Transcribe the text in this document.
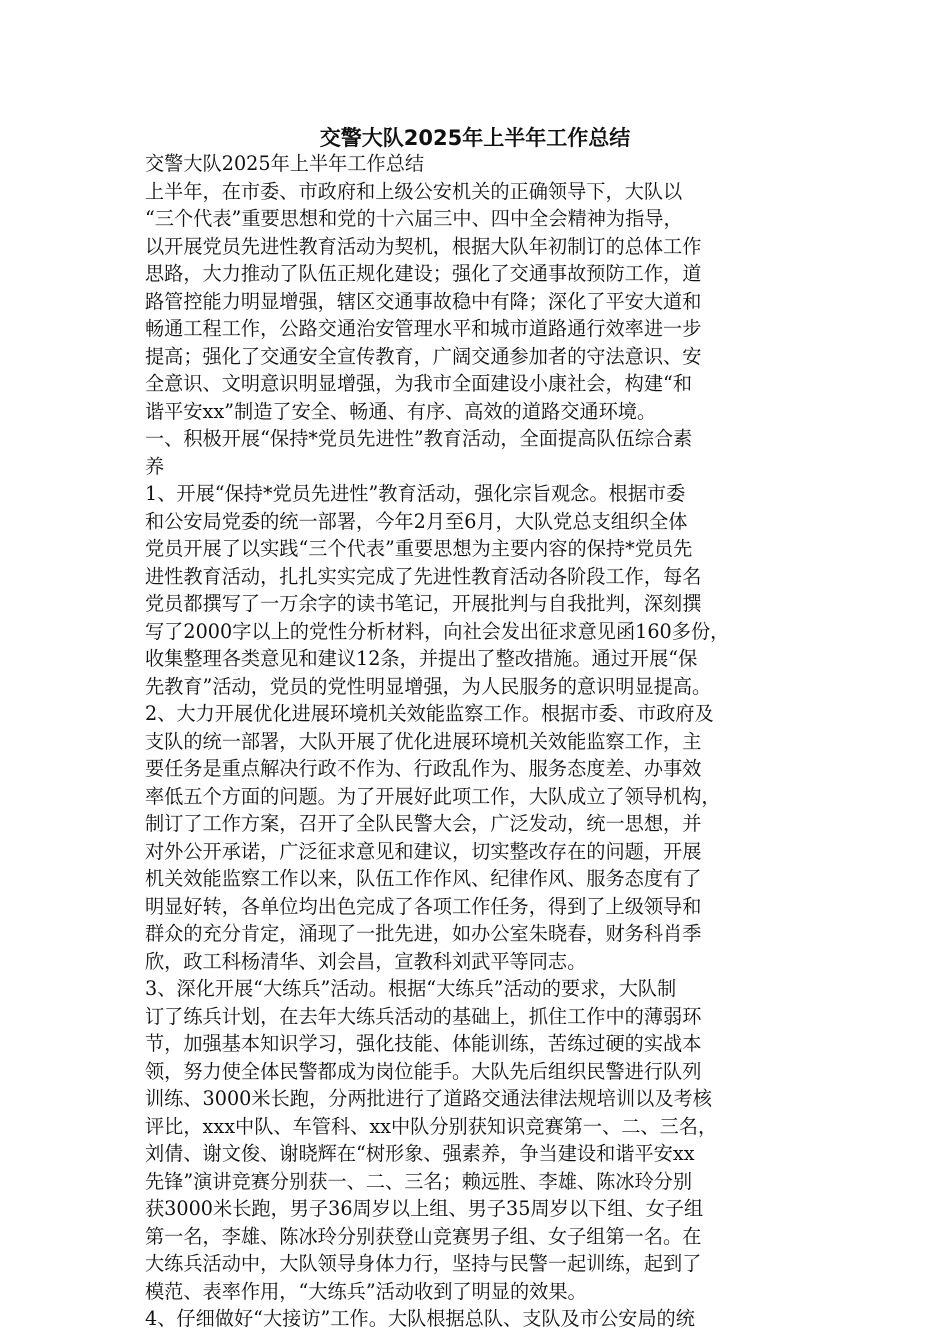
交警大队2025年上半年工作总结
交警大队2025年上半年工作总结
上半年，在市委、市政府和上级公安机关的正确领导下，大队以
“三个代表”重要思想和党的十六届三中、四中全会精神为指导，
以开展党员先进性教育活动为契机，根据大队年初制订的总体工作
思路，大力推动了队伍正规化建设；强化了交通事故预防工作，道
路管控能力明显增强，辖区交通事故稳中有降；深化了平安大道和
畅通工程工作，公路交通治安管理水平和城市道路通行效率进一步
提高；强化了交通安全宣传教育，广阔交通参加者的守法意识、安
全意识、文明意识明显增强，为我市全面建设小康社会，构建“和
谐平安xx”制造了安全、畅通、有序、高效的道路交通环境。
一、积极开展“保持*党员先进性”教育活动，全面提高队伍综合素
养
1、开展“保持*党员先进性”教育活动，强化宗旨观念。根据市委
和公安局党委的统一部署，今年2月至6月，大队党总支组织全体
党员开展了以实践“三个代表”重要思想为主要内容的保持*党员先
进性教育活动，扎扎实实完成了先进性教育活动各阶段工作，每名
党员都撰写了一万余字的读书笔记，开展批判与自我批判，深刻撰
写了2000字以上的党性分析材料，向社会发出征求意见函160多份，
收集整理各类意见和建议12条，并提出了整改措施。通过开展“保
先教育”活动，党员的党性明显增强，为人民服务的意识明显提高。
2、大力开展优化进展环境机关效能监察工作。根据市委、市政府及
支队的统一部署，大队开展了优化进展环境机关效能监察工作，主
要任务是重点解决行政不作为、行政乱作为、服务态度差、办事效
率低五个方面的问题。为了开展好此项工作，大队成立了领导机构，
制订了工作方案，召开了全队民警大会，广泛发动，统一思想，并
对外公开承诺，广泛征求意见和建议，切实整改存在的问题，开展
机关效能监察工作以来，队伍工作作风、纪律作风、服务态度有了
明显好转，各单位均出色完成了各项工作任务，得到了上级领导和
群众的充分肯定，涌现了一批先进，如办公室朱晓春，财务科肖季
欣，政工科杨清华、刘会昌，宣教科刘武平等同志。
3、深化开展“大练兵”活动。根据“大练兵”活动的要求，大队制
订了练兵计划，在去年大练兵活动的基础上，抓住工作中的薄弱环
节，加强基本知识学习，强化技能、体能训练，苦练过硬的实战本
领，努力使全体民警都成为岗位能手。大队先后组织民警进行队列
训练、3000米长跑，分两批进行了道路交通法律法规培训以及考核
评比，xxx中队、车管科、xx中队分别获知识竞赛第一、二、三名，
刘倩、谢文俊、谢晓辉在“树形象、强素养，争当建设和谐平安xx
先锋”演讲竞赛分别获一、二、三名；赖远胜、李雄、陈冰玲分别
获3000米长跑，男子36周岁以上组、男子35周岁以下组、女子组
第一名，李雄、陈冰玲分别获登山竞赛男子组、女子组第一名。在
大练兵活动中，大队领导身体力行，坚持与民警一起训练，起到了
模范、表率作用，“大练兵”活动收到了明显的效果。
4、仔细做好“大接访”工作。大队根据总队、支队及市公安局的统
